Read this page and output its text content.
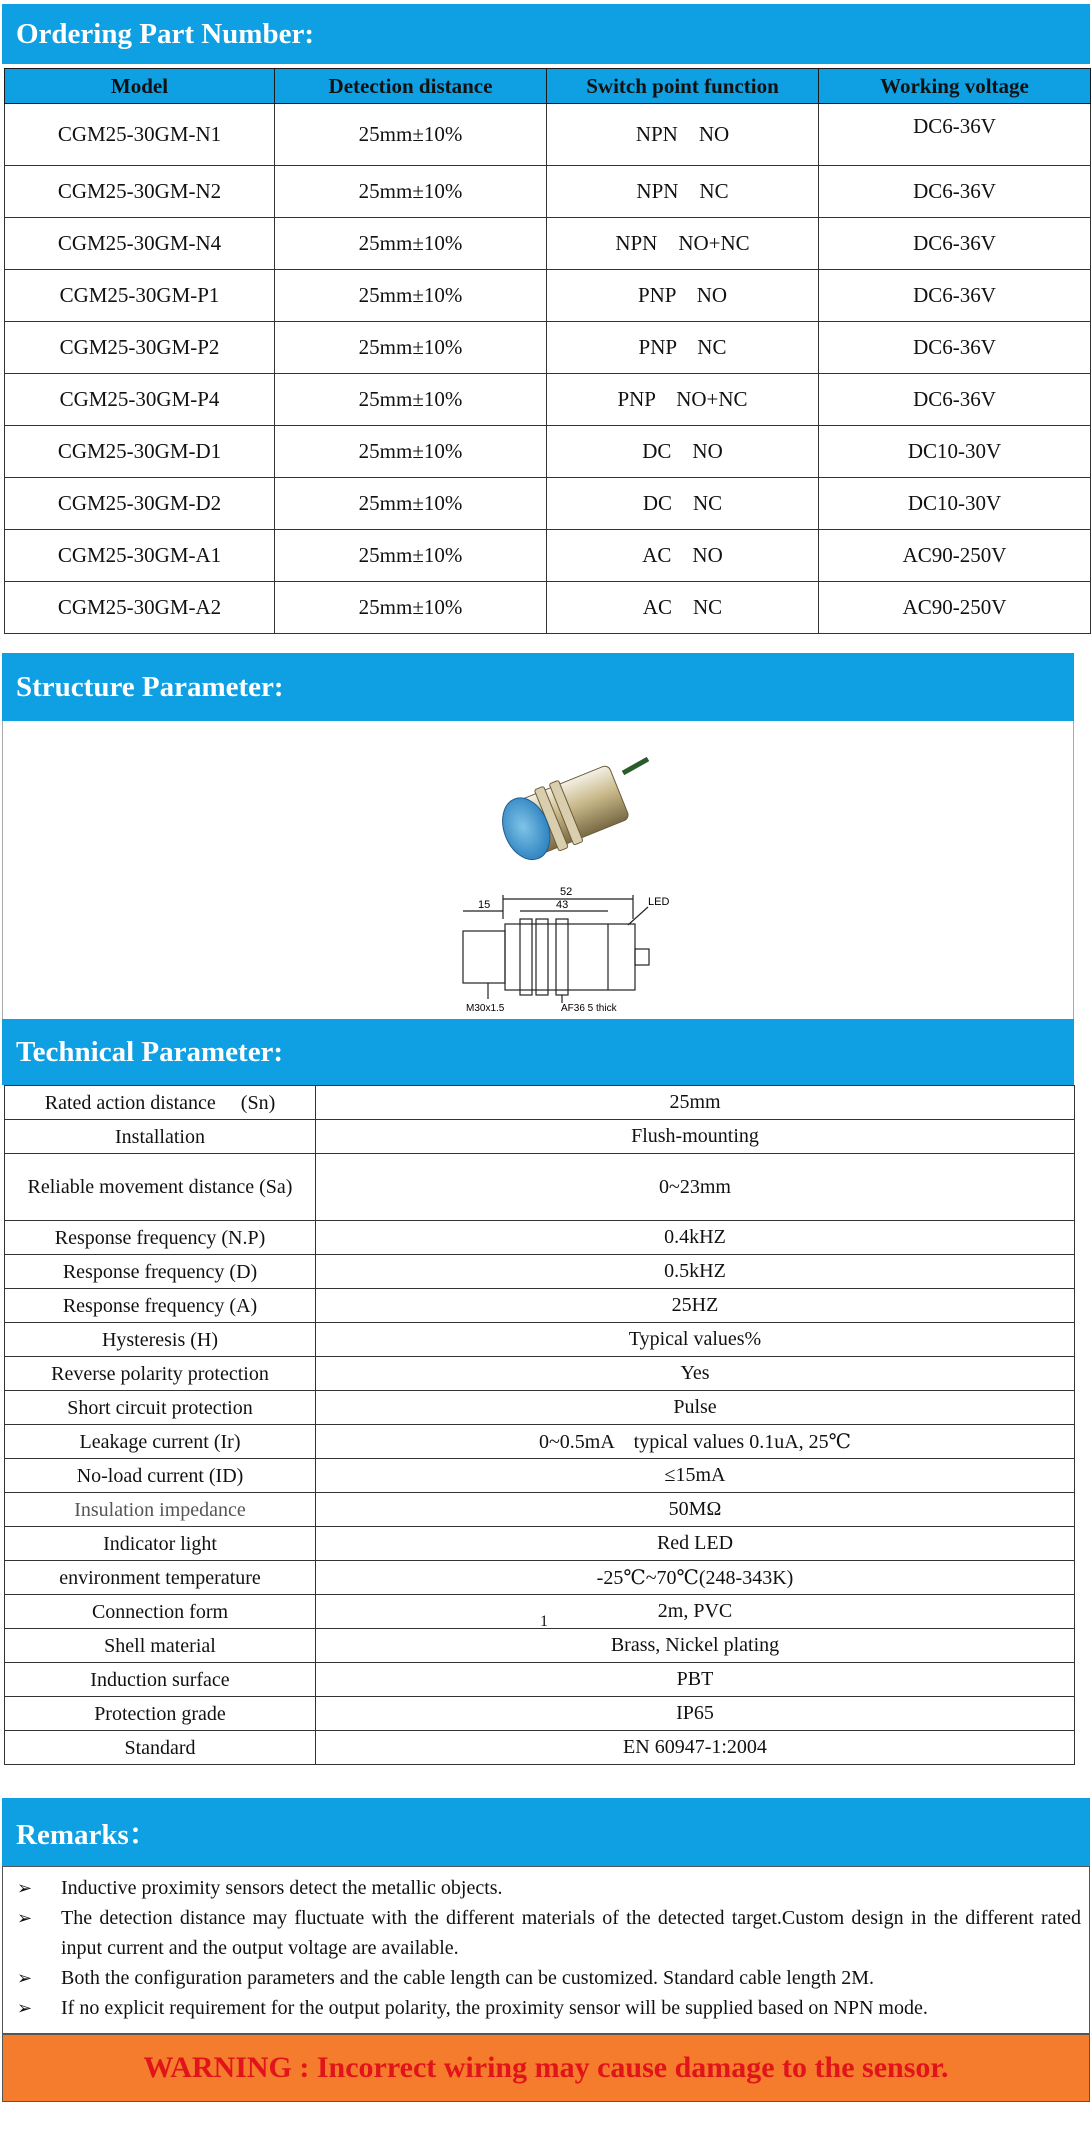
Ordering Part Number:
Model	Detection distance	Switch point function	Working voltage
CGM25-30GM-N1	25mm±10%	NPN    NO	DC6-36V
CGM25-30GM-N2	25mm±10%	NPN    NC	DC6-36V
CGM25-30GM-N4	25mm±10%	NPN    NO+NC	DC6-36V
CGM25-30GM-P1	25mm±10%	PNP    NO	DC6-36V
CGM25-30GM-P2	25mm±10%	PNP    NC	DC6-36V
CGM25-30GM-P4	25mm±10%	PNP    NO+NC	DC6-36V
CGM25-30GM-D1	25mm±10%	DC    NO	DC10-30V
CGM25-30GM-D2	25mm±10%	DC    NC	DC10-30V
CGM25-30GM-A1	25mm±10%	AC    NO	AC90-250V
CGM25-30GM-A2	25mm±10%	AC    NC	AC90-250V
Structure Parameter:
52
43
15	LED
M30x1.5	AF36 5 thick
Technical Parameter:
Rated action distance     (Sn)	25mm
Installation	Flush-mounting
Reliable movement distance (Sa)	0~23mm
Response frequency (N.P)	0.4kHZ
Response frequency (D)	0.5kHZ
Response frequency (A)	25HZ
Hysteresis (H)	Typical values%
Reverse polarity protection	Yes
Short circuit protection	Pulse
Leakage current (Ir)	0~0.5mA    typical values 0.1uA, 25℃
No-load current (ID)	≤15mA
Insulation impedance	50MΩ
Indicator light	Red LED
environment temperature	-25℃~70℃(248-343K)
Connection form	2m, PVC
Shell material	Brass, Nickel plating
Induction surface	PBT
Protection grade	IP65
Standard	EN 60947-1:2004
1
Remarks：
➢ Inductive proximity sensors detect the metallic objects.
➢ The detection distance may fluctuate with the different materials of the detected target.Custom design in the different rated input current and the output voltage are available.
➢ Both the configuration parameters and the cable length can be customized. Standard cable length 2M.
➢ If no explicit requirement for the output polarity, the proximity sensor will be supplied based on NPN mode.
WARNING : Incorrect wiring may cause damage to the sensor.
